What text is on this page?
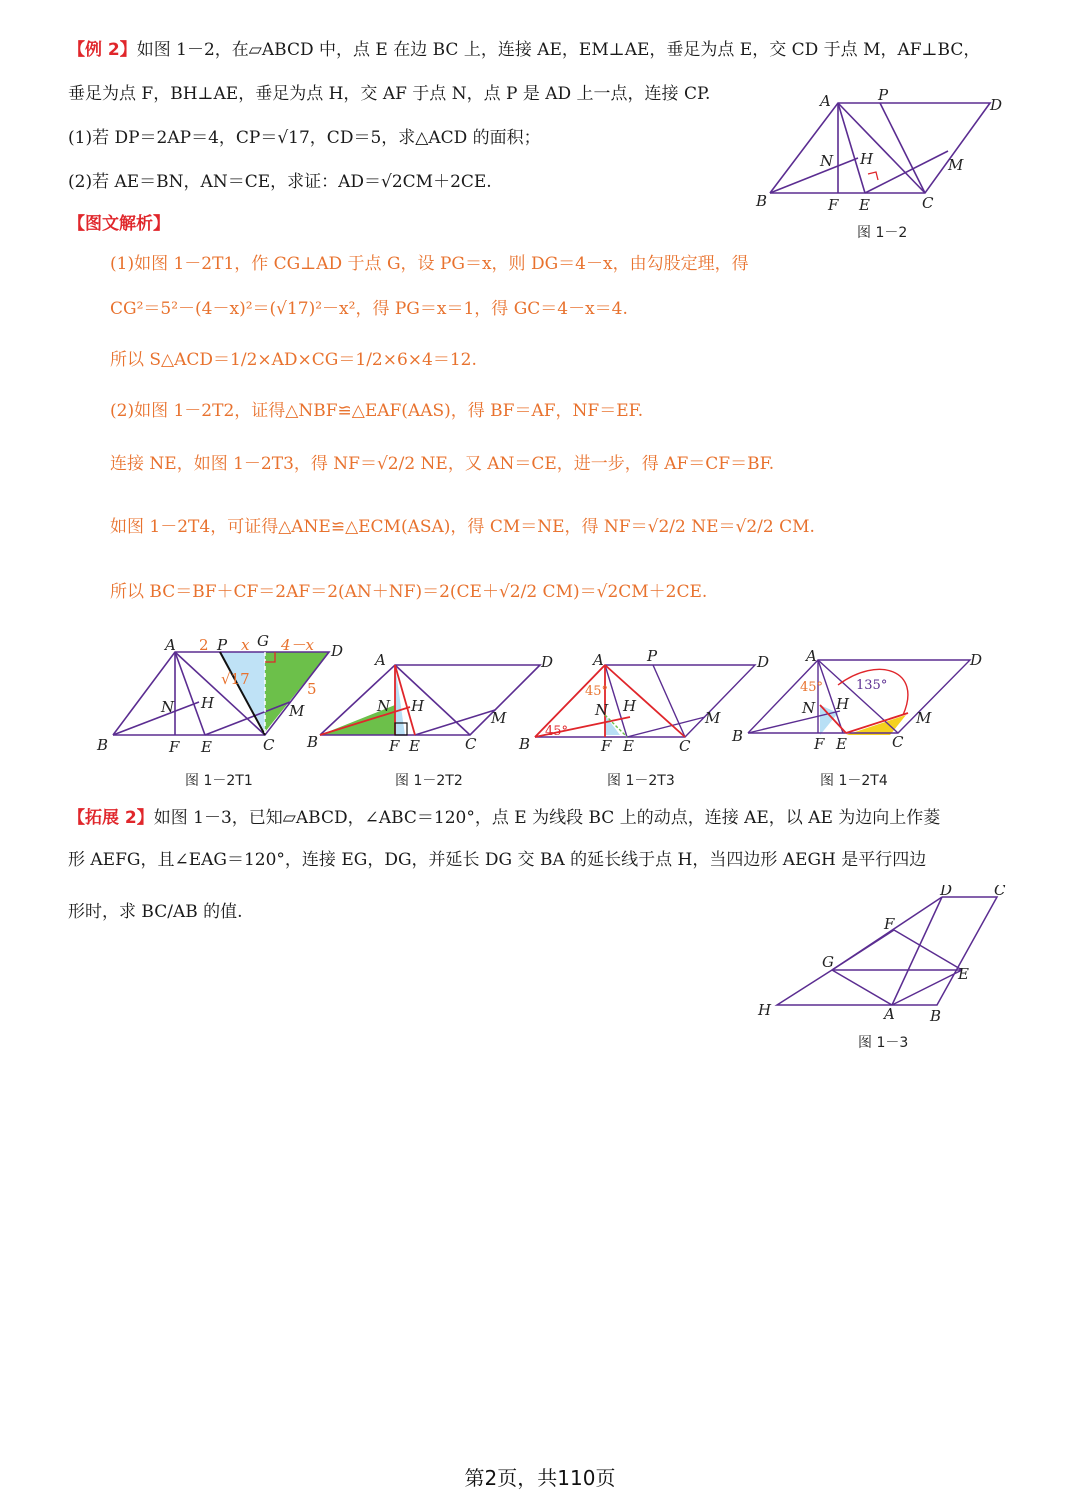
【例 2】如图 1－2，在▱ABCD 中，点 E 在边 BC 上，连接 AE，EM⊥AE，垂足为点 E，交 CD 于点 M，AF⊥BC，
垂足为点 F，BH⊥AE，垂足为点 H，交 AF 于点 N，点 P 是 AD 上一点，连接 CP.
(1)若 DP＝2AP＝4，CP＝√17，CD＝5，求△ACD 的面积；
(2)若 AE＝BN，AN＝CE，求证：AD＝√2CM＋2CE.
A	P
D
N H	M
B	F E	C
图 1－2
【图文解析】
(1)如图 1－2T1，作 CG⊥AD 于点 G，设 PG＝x，则 DG＝4－x，由勾股定理，得
CG²＝5²－(4－x)²＝(√17)²－x²，得 PG＝x＝1，得 GC＝4－x＝4.
所以 S△ACD＝1/2×AD×CG＝1/2×6×4＝12.
(2)如图 1－2T2，证得△NBF≌△EAF(AAS)，得 BF＝AF，NF＝EF.
连接 NE，如图 1－2T3，得 NF＝√2/2 NE，又 AN＝CE，进一步，得 AF＝CF＝BF.
如图 1－2T4，可证得△ANE≌△ECM(ASA)，得 CM＝NE，得 NF＝√2/2 NE＝√2/2 CM.
所以 BC＝BF＋CF＝2AF＝2(AN＋NF)＝2(CE＋√2/2 CM)＝√2CM＋2CE.
A 2 P x G 4－x D
√17
5
N H	M
B	F E	C
图 1－2T1
A	D
N H
M
B	F E	C
图 1－2T2
A	P	D
45°
45°
N H
M
B	F E	C
图 1－2T3
A	D
45°	135°
N H
M
B	F E	C
图 1－2T4
【拓展 2】如图 1－3，已知▱ABCD，∠ABC＝120°，点 E 为线段 BC 上的动点，连接 AE，以 AE 为边向上作菱
形 AEFG，且∠EAG＝120°，连接 EG，DG，并延长 DG 交 BA 的延长线于点 H，当四边形 AEGH 是平行四边
形时，求 BC/AB 的值.
D	C
F
G
E
H	A B
图 1－3
第2页，共110页
